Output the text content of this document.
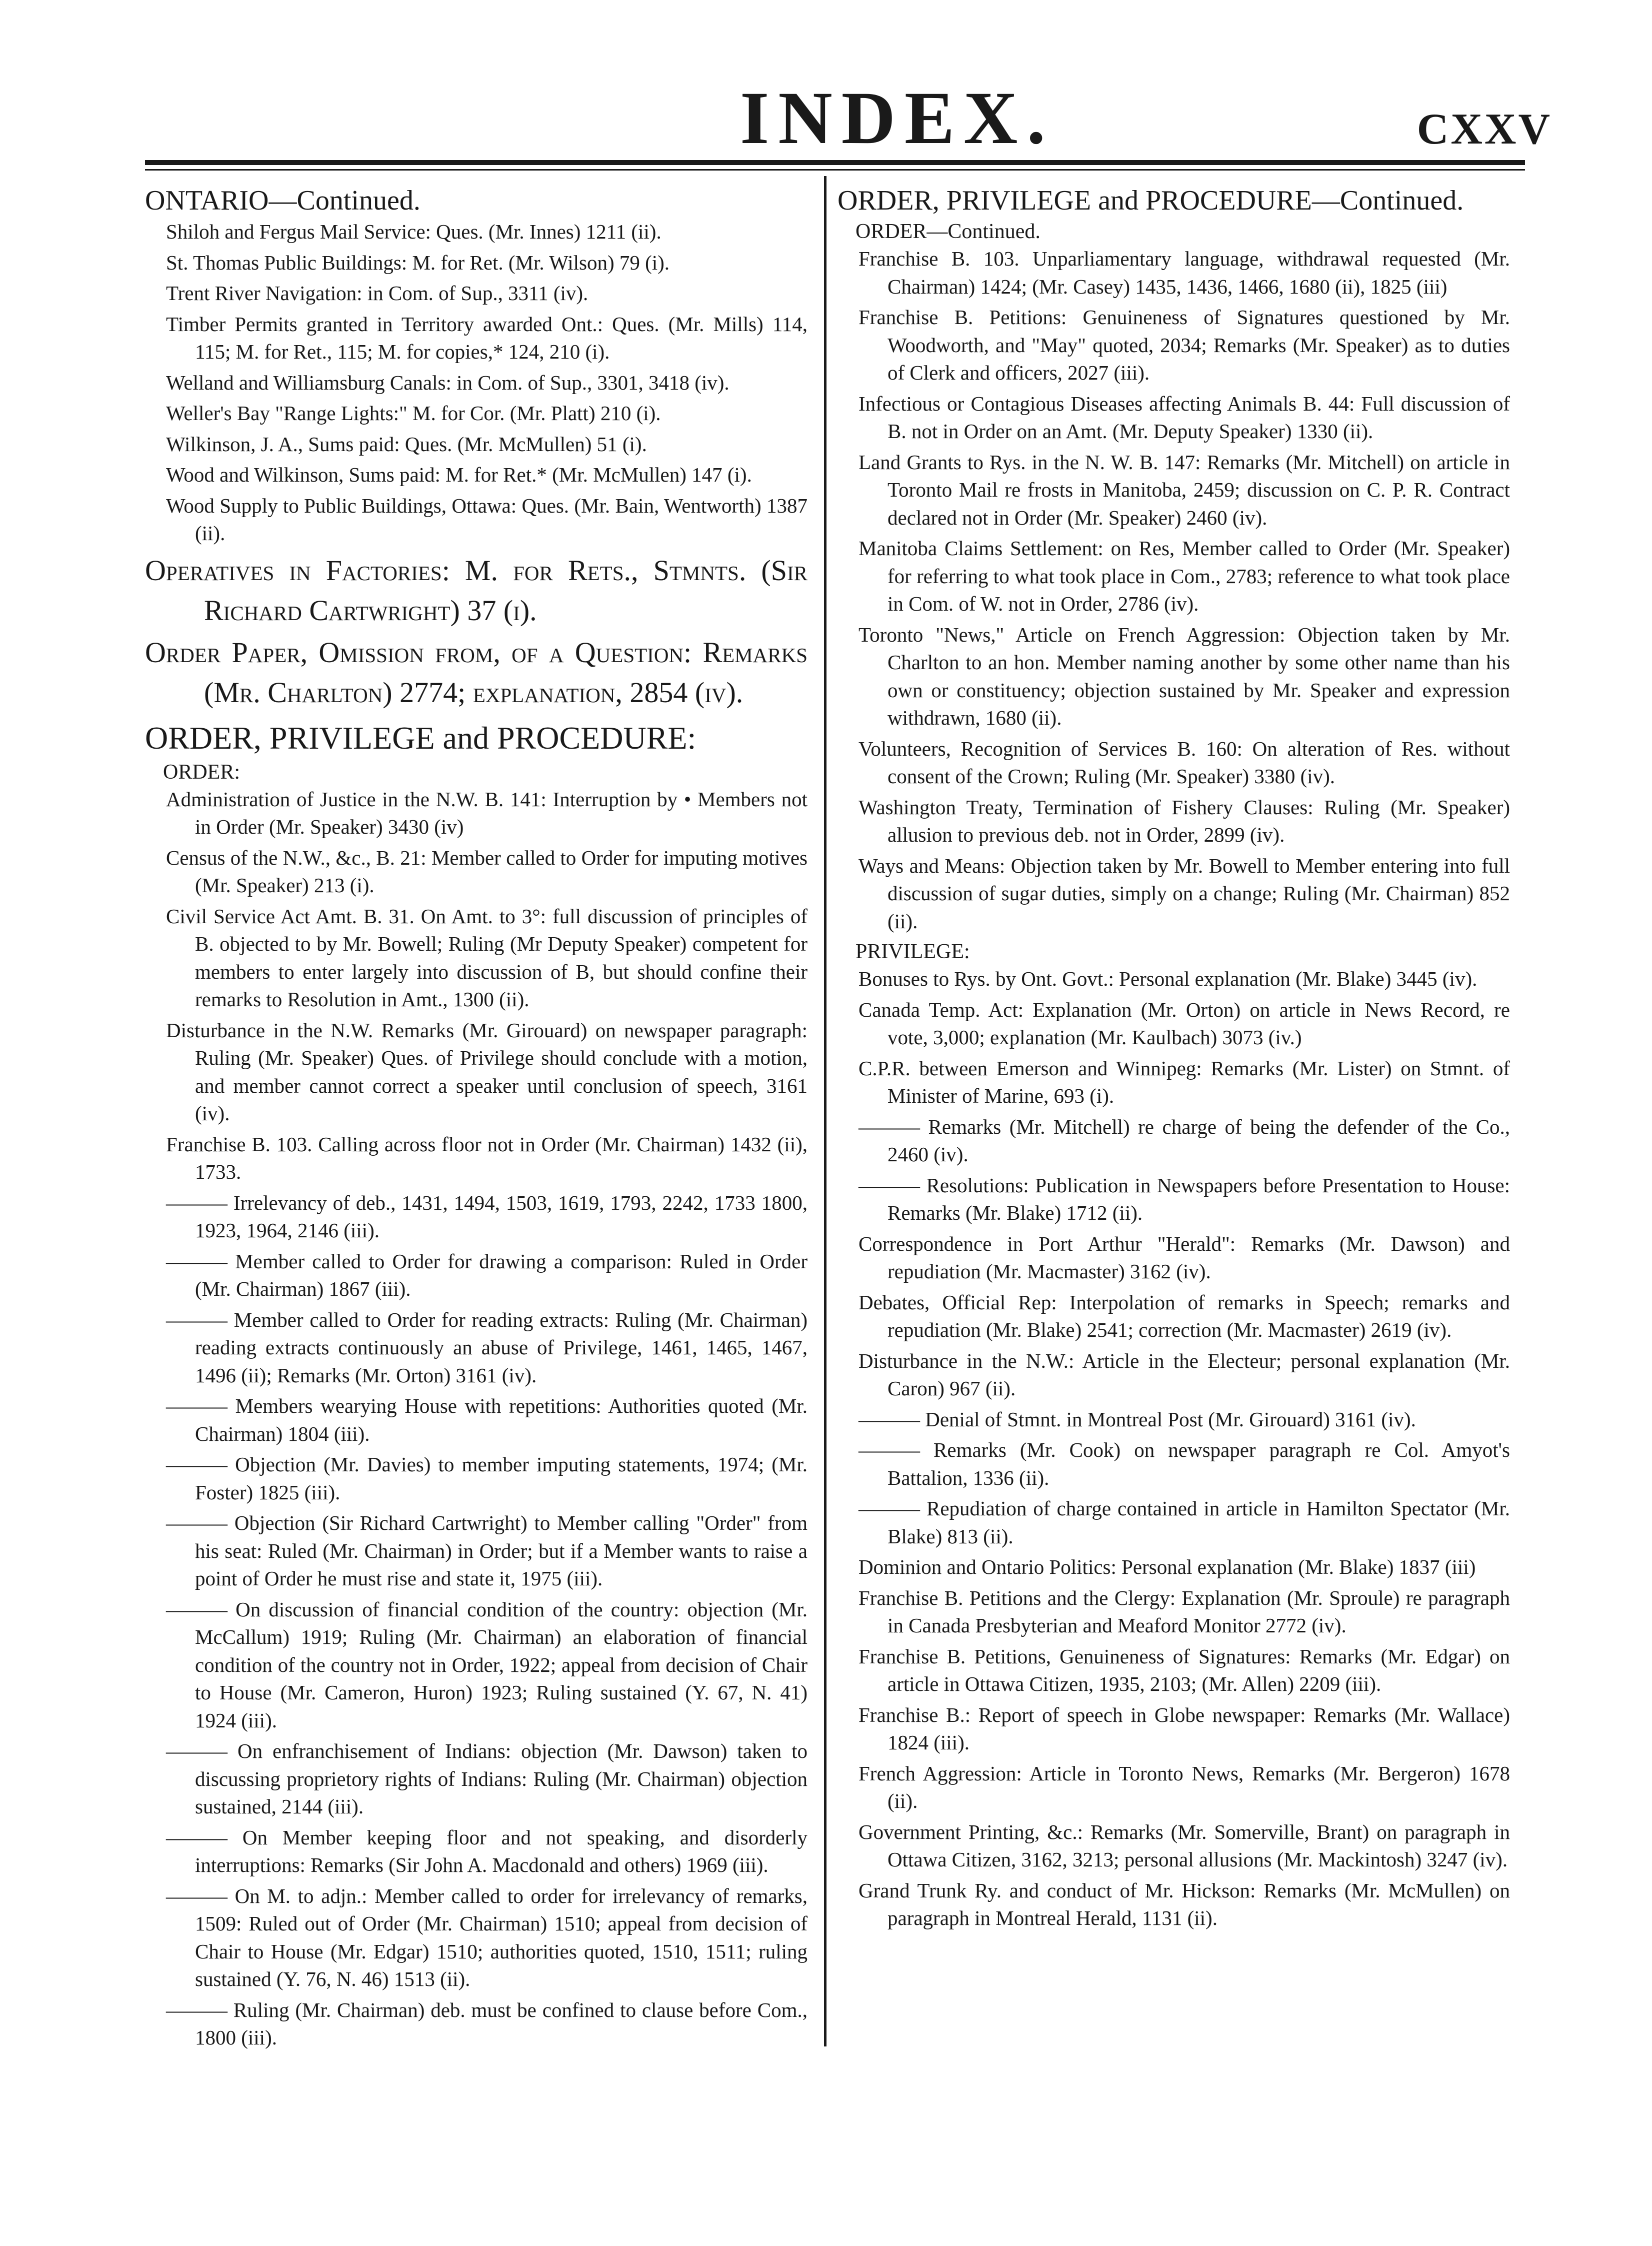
INDEX.	CXXV

ONTARIO—Continued.

Shiloh and Fergus Mail Service: Ques. (Mr. Innes) 1211 (ii).

St. Thomas Public Buildings: M. for Ret. (Mr. Wilson) 79 (i).

Trent River Navigation: in Com. of Sup., 3311 (iv).

Timber Permits granted in Territory awarded Ont.: Ques. (Mr. Mills) 114, 115; M. for Ret., 115; M. for copies,* 124, 210 (i).

Welland and Williamsburg Canals: in Com. of Sup., 3301, 3418 (iv).

Weller's Bay "Range Lights:" M. for Cor. (Mr. Platt) 210 (i).

Wilkinson, J. A., Sums paid: Ques. (Mr. McMullen) 51 (i).

Wood and Wilkinson, Sums paid: M. for Ret.* (Mr. McMullen) 147 (i).

Wood Supply to Public Buildings, Ottawa: Ques. (Mr. Bain, Wentworth) 1387 (ii).

Operatives in Factories: M. for Rets., Stmnts. (Sir Richard Cartwright) 37 (i).

Order Paper, Omission from, of a Question: Remarks (Mr. Charlton) 2774; explanation, 2854 (iv).

ORDER, PRIVILEGE and PROCEDURE:

ORDER:

Administration of Justice in the N.W. B. 141: Interruption by • Members not in Order (Mr. Speaker) 3430 (iv)

Census of the N.W., &c., B. 21: Member called to Order for imputing motives (Mr. Speaker) 213 (i).

Civil Service Act Amt. B. 31. On Amt. to 3°: full discussion of principles of B. objected to by Mr. Bowell; Ruling (Mr Deputy Speaker) competent for members to enter largely into discussion of B, but should confine their remarks to Resolution in Amt., 1300 (ii).

Disturbance in the N.W. Remarks (Mr. Girouard) on newspaper paragraph: Ruling (Mr. Speaker) Ques. of Privilege should conclude with a motion, and member cannot correct a speaker until conclusion of speech, 3161 (iv).

Franchise B. 103. Calling across floor not in Order (Mr. Chairman) 1432 (ii), 1733.

——— Irrelevancy of deb., 1431, 1494, 1503, 1619, 1793, 2242, 1733 1800, 1923, 1964, 2146 (iii).

——— Member called to Order for drawing a comparison: Ruled in Order (Mr. Chairman) 1867 (iii).

——— Member called to Order for reading extracts: Ruling (Mr. Chairman) reading extracts continuously an abuse of Privilege, 1461, 1465, 1467, 1496 (ii); Remarks (Mr. Orton) 3161 (iv).

——— Members wearying House with repetitions: Authorities quoted (Mr. Chairman) 1804 (iii).

——— Objection (Mr. Davies) to member imputing statements, 1974; (Mr. Foster) 1825 (iii).

——— Objection (Sir Richard Cartwright) to Member calling "Order" from his seat: Ruled (Mr. Chairman) in Order; but if a Member wants to raise a point of Order he must rise and state it, 1975 (iii).

——— On discussion of financial condition of the country: objection (Mr. McCallum) 1919; Ruling (Mr. Chairman) an elaboration of financial condition of the country not in Order, 1922; appeal from decision of Chair to House (Mr. Cameron, Huron) 1923; Ruling sustained (Y. 67, N. 41) 1924 (iii).

——— On enfranchisement of Indians: objection (Mr. Dawson) taken to discussing proprietory rights of Indians: Ruling (Mr. Chairman) objection sustained, 2144 (iii).

——— On Member keeping floor and not speaking, and disorderly interruptions: Remarks (Sir John A. Macdonald and others) 1969 (iii).

——— On M. to adjn.: Member called to order for irrelevancy of remarks, 1509: Ruled out of Order (Mr. Chairman) 1510; appeal from decision of Chair to House (Mr. Edgar) 1510; authorities quoted, 1510, 1511; ruling sustained (Y. 76, N. 46) 1513 (ii).

——— Ruling (Mr. Chairman) deb. must be confined to clause before Com., 1800 (iii).

ORDER, PRIVILEGE and PROCEDURE—Continued.

ORDER—Continued.

Franchise B. 103. Unparliamentary language, withdrawal requested (Mr. Chairman) 1424; (Mr. Casey) 1435, 1436, 1466, 1680 (ii), 1825 (iii)

Franchise B. Petitions: Genuineness of Signatures questioned by Mr. Woodworth, and "May" quoted, 2034; Remarks (Mr. Speaker) as to duties of Clerk and officers, 2027 (iii).

Infectious or Contagious Diseases affecting Animals B. 44: Full discussion of B. not in Order on an Amt. (Mr. Deputy Speaker) 1330 (ii).

Land Grants to Rys. in the N. W. B. 147: Remarks (Mr. Mitchell) on article in Toronto Mail re frosts in Manitoba, 2459; discussion on C. P. R. Contract declared not in Order (Mr. Speaker) 2460 (iv).

Manitoba Claims Settlement: on Res, Member called to Order (Mr. Speaker) for referring to what took place in Com., 2783; reference to what took place in Com. of W. not in Order, 2786 (iv).

Toronto "News," Article on French Aggression: Objection taken by Mr. Charlton to an hon. Member naming another by some other name than his own or constituency; objection sustained by Mr. Speaker and expression withdrawn, 1680 (ii).

Volunteers, Recognition of Services B. 160: On alteration of Res. without consent of the Crown; Ruling (Mr. Speaker) 3380 (iv).

Washington Treaty, Termination of Fishery Clauses: Ruling (Mr. Speaker) allusion to previous deb. not in Order, 2899 (iv).

Ways and Means: Objection taken by Mr. Bowell to Member entering into full discussion of sugar duties, simply on a change; Ruling (Mr. Chairman) 852 (ii).

PRIVILEGE:

Bonuses to Rys. by Ont. Govt.: Personal explanation (Mr. Blake) 3445 (iv).

Canada Temp. Act: Explanation (Mr. Orton) on article in News Record, re vote, 3,000; explanation (Mr. Kaulbach) 3073 (iv.)

C.P.R. between Emerson and Winnipeg: Remarks (Mr. Lister) on Stmnt. of Minister of Marine, 693 (i).

——— Remarks (Mr. Mitchell) re charge of being the defender of the Co., 2460 (iv).

——— Resolutions: Publication in Newspapers before Presentation to House: Remarks (Mr. Blake) 1712 (ii).

Correspondence in Port Arthur "Herald": Remarks (Mr. Dawson) and repudiation (Mr. Macmaster) 3162 (iv).

Debates, Official Rep: Interpolation of remarks in Speech; remarks and repudiation (Mr. Blake) 2541; correction (Mr. Macmaster) 2619 (iv).

Disturbance in the N.W.: Article in the Electeur; personal explanation (Mr. Caron) 967 (ii).

——— Denial of Stmnt. in Montreal Post (Mr. Girouard) 3161 (iv).

——— Remarks (Mr. Cook) on newspaper paragraph re Col. Amyot's Battalion, 1336 (ii).

——— Repudiation of charge contained in article in Hamilton Spectator (Mr. Blake) 813 (ii).

Dominion and Ontario Politics: Personal explanation (Mr. Blake) 1837 (iii)

Franchise B. Petitions and the Clergy: Explanation (Mr. Sproule) re paragraph in Canada Presbyterian and Meaford Monitor 2772 (iv).

Franchise B. Petitions, Genuineness of Signatures: Remarks (Mr. Edgar) on article in Ottawa Citizen, 1935, 2103; (Mr. Allen) 2209 (iii).

Franchise B.: Report of speech in Globe newspaper: Remarks (Mr. Wallace) 1824 (iii).

French Aggression: Article in Toronto News, Remarks (Mr. Bergeron) 1678 (ii).

Government Printing, &c.: Remarks (Mr. Somerville, Brant) on paragraph in Ottawa Citizen, 3162, 3213; personal allusions (Mr. Mackintosh) 3247 (iv).

Grand Trunk Ry. and conduct of Mr. Hickson: Remarks (Mr. McMullen) on paragraph in Montreal Herald, 1131 (ii).
